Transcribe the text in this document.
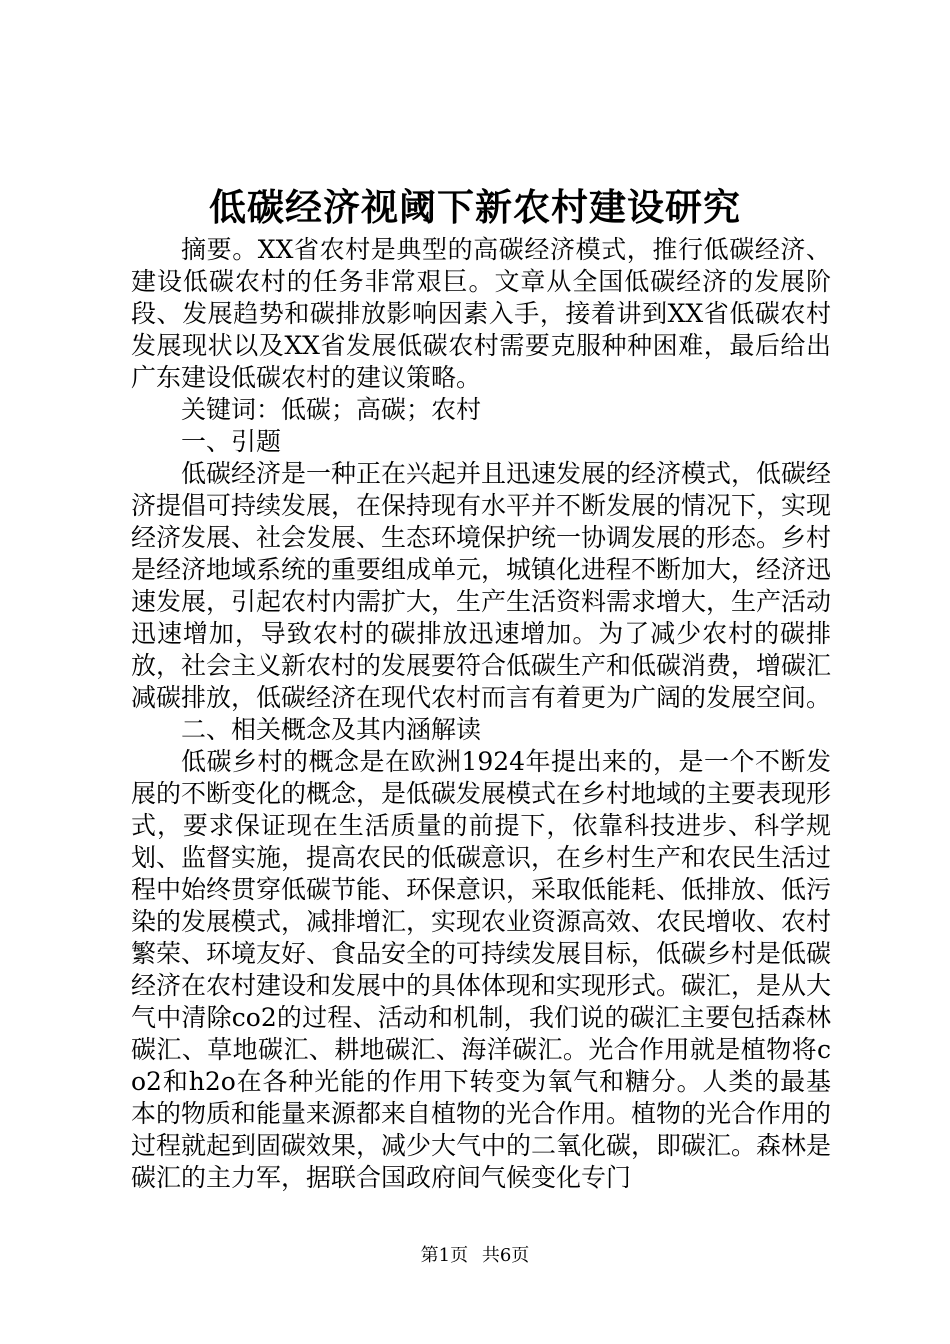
低碳经济视阈下新农村建设研究

摘要。XX省农村是典型的高碳经济模式，推行低碳经济、建设低碳农村的任务非常艰巨。文章从全国低碳经济的发展阶段、发展趋势和碳排放影响因素入手，接着讲到XX省低碳农村发展现状以及XX省发展低碳农村需要克服种种困难，最后给出广东建设低碳农村的建议策略。

关键词：低碳；高碳；农村

一、引题

低碳经济是一种正在兴起并且迅速发展的经济模式，低碳经济提倡可持续发展，在保持现有水平并不断发展的情况下，实现经济发展、社会发展、生态环境保护统一协调发展的形态。乡村是经济地域系统的重要组成单元，城镇化进程不断加大，经济迅速发展，引起农村内需扩大，生产生活资料需求增大，生产活动迅速增加，导致农村的碳排放迅速增加。为了减少农村的碳排放，社会主义新农村的发展要符合低碳生产和低碳消费，增碳汇减碳排放，低碳经济在现代农村而言有着更为广阔的发展空间。

二、相关概念及其内涵解读

低碳乡村的概念是在欧洲1924年提出来的，是一个不断发展的不断变化的概念，是低碳发展模式在乡村地域的主要表现形式，要求保证现在生活质量的前提下，依靠科技进步、科学规划、监督实施，提高农民的低碳意识，在乡村生产和农民生活过程中始终贯穿低碳节能、环保意识，采取低能耗、低排放、低污染的发展模式，减排增汇，实现农业资源高效、农民增收、农村繁荣、环境友好、食品安全的可持续发展目标，低碳乡村是低碳经济在农村建设和发展中的具体体现和实现形式。碳汇，是从大气中清除co2的过程、活动和机制，我们说的碳汇主要包括森林碳汇、草地碳汇、耕地碳汇、海洋碳汇。光合作用就是植物将co2和h2o在各种光能的作用下转变为氧气和糖分。人类的最基本的物质和能量来源都来自植物的光合作用。植物的光合作用的过程就起到固碳效果，减少大气中的二氧化碳，即碳汇。森林是碳汇的主力军，据联合国政府间气候变化专门

第1页 共6页
